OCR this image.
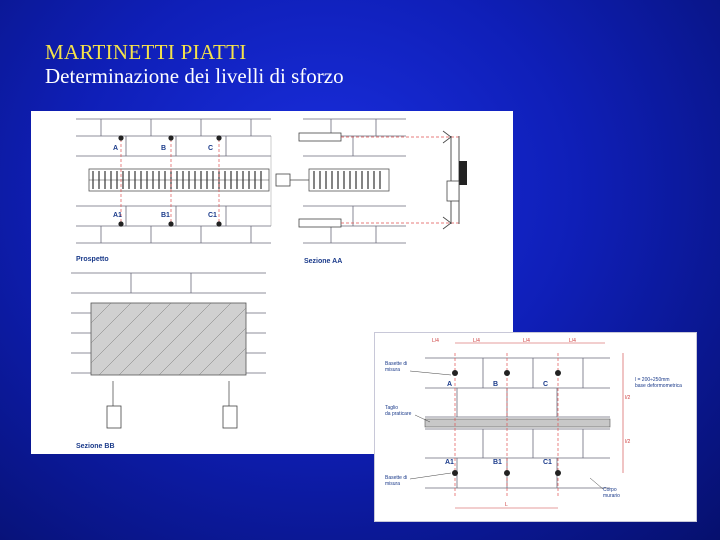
MARTINETTI PIATTI
Determinazione dei livelli di sforzo
A	B	C
A1	B1	C1
Prospetto	Sezione AA
Sezione BB
L/4	L/4	L/4	L/4
A	B	C
A1	B1	C1
Basette di
misura
Taglio
da praticare
Basette di
misura
Corpo
murario
l = 200÷250mm
base deformometrica
l/2
l/2
L
